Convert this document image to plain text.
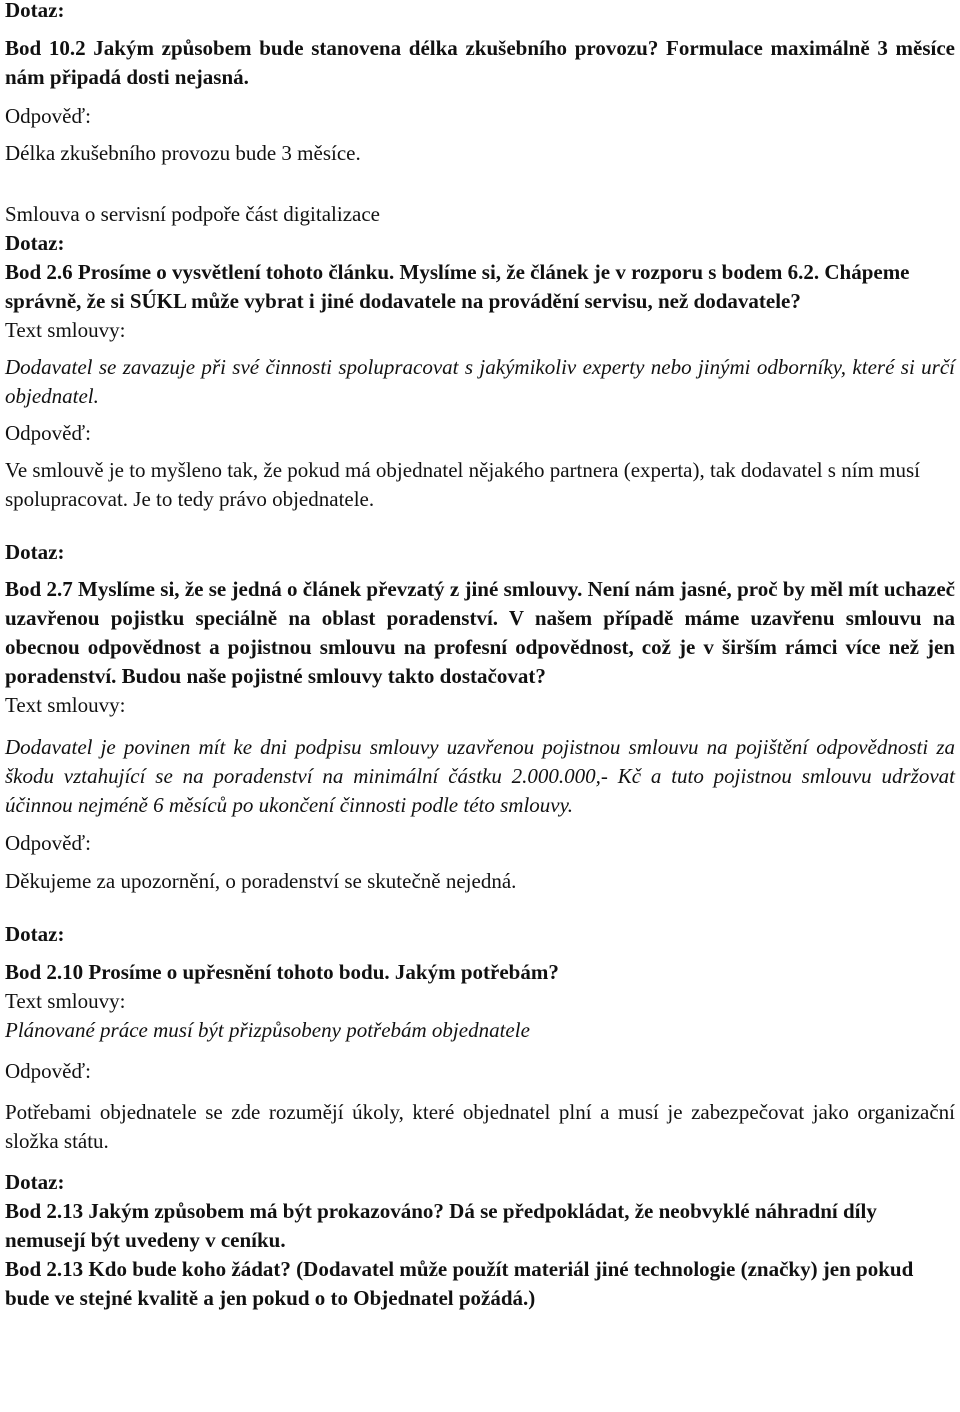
Dotaz:

Bod 10.2 Jakým způsobem bude stanovena délka zkušebního provozu? Formulace maximálně 3 měsíce nám připadá dosti nejasná.

Odpověď:

Délka zkušebního provozu bude 3 měsíce.

Smlouva o servisní podpoře část digitalizace

Dotaz:

Bod 2.6 Prosíme o vysvětlení tohoto článku. Myslíme si, že článek je v rozporu s bodem 6.2. Chápeme správně, že si SÚKL může vybrat i jiné dodavatele na provádění servisu, než dodavatele?

Text smlouvy:

Dodavatel se zavazuje při své činnosti spolupracovat s jakýmikoliv experty nebo jinými odborníky, které si určí objednatel.

Odpověď:

Ve smlouvě je to myšleno tak, že pokud má objednatel nějakého partnera (experta), tak dodavatel s ním musí spolupracovat. Je to tedy právo objednatele.

Dotaz:

Bod 2.7 Myslíme si, že se jedná o článek převzatý z jiné smlouvy. Není nám jasné, proč by měl mít uchazeč uzavřenou pojistku speciálně na oblast poradenství. V našem případě máme uzavřenu smlouvu na obecnou odpovědnost a pojistnou smlouvu na profesní odpovědnost, což je v širším rámci více než jen poradenství. Budou naše pojistné smlouvy takto dostačovat?

Text smlouvy:

Dodavatel je povinen mít ke dni podpisu smlouvy uzavřenou pojistnou smlouvu na pojištění odpovědnosti za škodu vztahující se na poradenství na minimální částku 2.000.000,- Kč a tuto pojistnou smlouvu udržovat účinnou nejméně 6 měsíců po ukončení činnosti podle této smlouvy.

Odpověď:

Děkujeme za upozornění, o poradenství se skutečně nejedná.

Dotaz:

Bod 2.10 Prosíme o upřesnění tohoto bodu. Jakým potřebám?

Text smlouvy:

Plánované práce musí být přizpůsobeny potřebám objednatele

Odpověď:

Potřebami objednatele se zde rozumějí úkoly, které objednatel plní a musí je zabezpečovat jako organizační složka státu.

Dotaz:

Bod 2.13 Jakým způsobem má být prokazováno? Dá se předpokládat, že neobvyklé náhradní díly nemusejí být uvedeny v ceníku.

Bod 2.13 Kdo bude koho žádat? (Dodavatel může použít materiál jiné technologie (značky) jen pokud bude ve stejné kvalitě a jen pokud o to Objednatel požádá.)
